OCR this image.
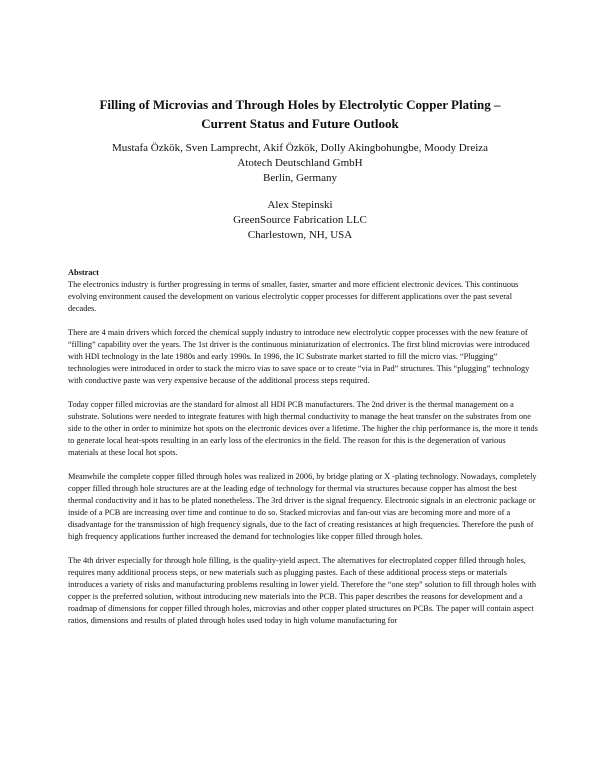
Filling of Microvias and Through Holes by Electrolytic Copper Plating –
Current Status and Future Outlook
Mustafa Özkök, Sven Lamprecht, Akif Özkök, Dolly Akingbohungbe, Moody Dreiza
Atotech Deutschland GmbH
Berlin, Germany
Alex Stepinski
GreenSource Fabrication LLC
Charlestown, NH, USA

Abstract

The electronics industry is further progressing in terms of smaller, faster, smarter and more efficient electronic devices. This continuous evolving environment caused the development on various electrolytic copper processes for different applications over the past several decades.

There are 4 main drivers which forced the chemical supply industry to introduce new electrolytic copper processes with the new feature of “filling” capability over the years. The 1st driver is the continuous miniaturization of electronics. The first blind microvias were introduced with HDI technology in the late 1980s and early 1990s. In 1996, the IC Substrate market started to fill the micro vias. “Plugging” technologies were introduced in order to stack the micro vias to save space or to create “via in Pad” structures. This “plugging” technology with conductive paste was very expensive because of the additional process steps required.

Today copper filled microvias are the standard for almost all HDI PCB manufacturers. The 2nd driver is the thermal management on a substrate. Solutions were needed to integrate features with high thermal conductivity to manage the heat transfer on the substrates from one side to the other in order to minimize hot spots on the electronic devices over a lifetime. The higher the chip performance is, the more it tends to generate local heat-spots resulting in an early loss of the electronics in the field. The reason for this is the degeneration of various materials at these local hot spots.

Meanwhile the complete copper filled through holes was realized in 2006, by bridge plating or X -plating technology. Nowadays, completely copper filled through hole structures are at the leading edge of technology for thermal via structures because copper has almost the best thermal conductivity and it has to be plated nonetheless. The 3rd driver is the signal frequency. Electronic signals in an electronic package or inside of a PCB are increasing over time and continue to do so. Stacked microvias and fan-out vias are becoming more and more of a disadvantage for the transmission of high frequency signals, due to the fact of creating resistances at high frequencies. Therefore the push of high frequency applications further increased the demand for technologies like copper filled through holes.

The 4th driver especially for through hole filling, is the quality-yield aspect. The alternatives for electroplated copper filled through holes, requires many additional process steps, or new materials such as plugging pastes. Each of these additional process steps or materials introduces a variety of risks and manufacturing problems resulting in lower yield. Therefore the “one step” solution to fill through holes with copper is the preferred solution, without introducing new materials into the PCB. This paper describes the reasons for development and a roadmap of dimensions for copper filled through holes, microvias and other copper plated structures on PCBs. The paper will contain aspect ratios, dimensions and results of plated through holes used today in high volume manufacturing for
